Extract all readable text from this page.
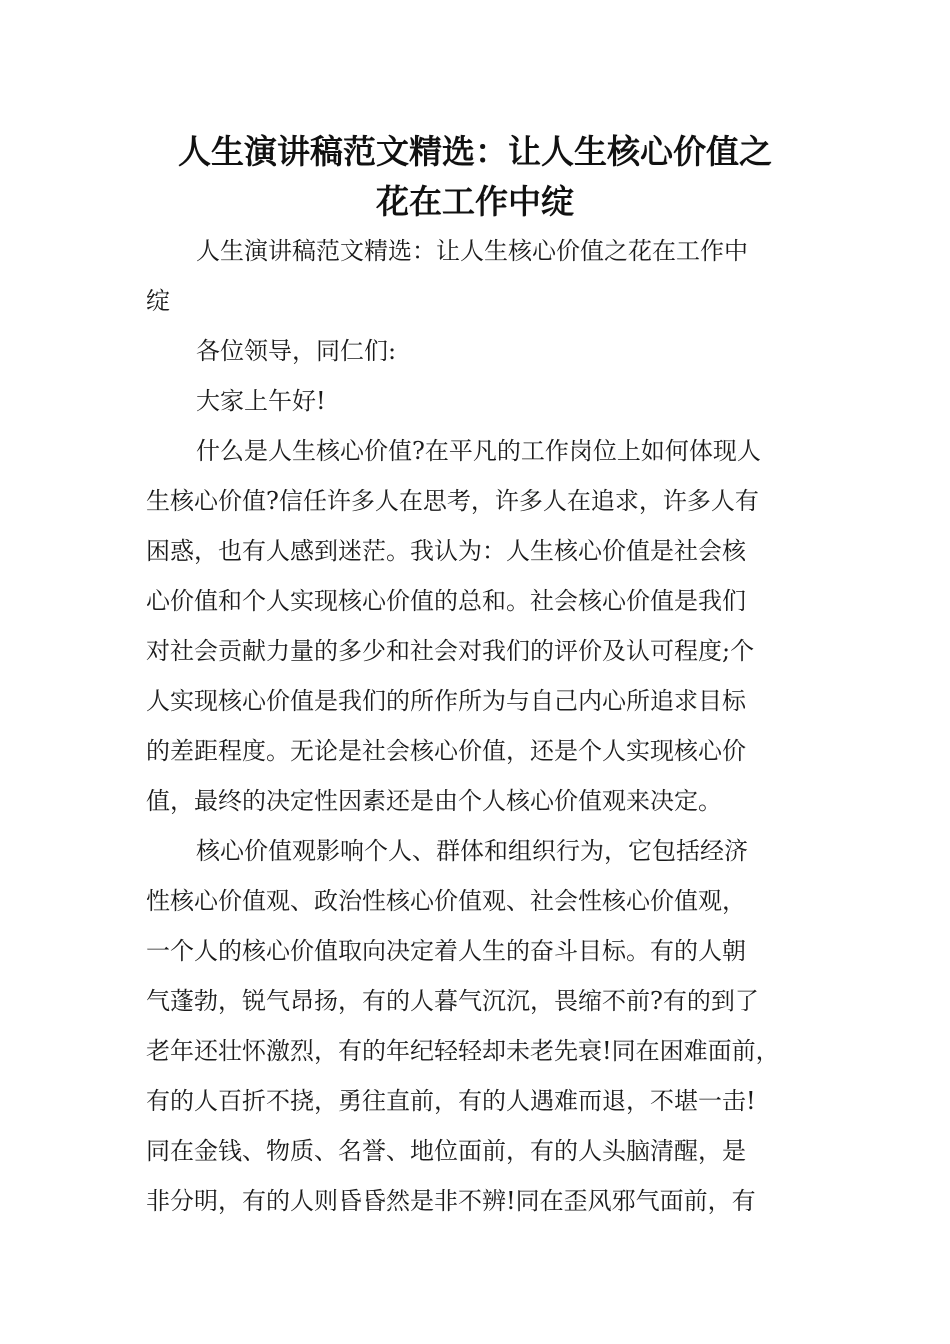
人生演讲稿范文精选：让人生核心价值之
花在工作中绽
人生演讲稿范文精选：让人生核心价值之花在工作中
绽
各位领导，同仁们:
大家上午好!
什么是人生核心价值?在平凡的工作岗位上如何体现人
生核心价值?信任许多人在思考，许多人在追求，许多人有
困惑，也有人感到迷茫。我认为：人生核心价值是社会核
心价值和个人实现核心价值的总和。社会核心价值是我们
对社会贡献力量的多少和社会对我们的评价及认可程度;个
人实现核心价值是我们的所作所为与自己内心所追求目标
的差距程度。无论是社会核心价值，还是个人实现核心价
值，最终的决定性因素还是由个人核心价值观来决定。
核心价值观影响个人、群体和组织行为，它包括经济
性核心价值观、政治性核心价值观、社会性核心价值观，
一个人的核心价值取向决定着人生的奋斗目标。有的人朝
气蓬勃，锐气昂扬，有的人暮气沉沉，畏缩不前?有的到了
老年还壮怀激烈，有的年纪轻轻却未老先衰!同在困难面前，
有的人百折不挠，勇往直前，有的人遇难而退，不堪一击!
同在金钱、物质、名誉、地位面前，有的人头脑清醒，是
非分明，有的人则昏昏然是非不辨!同在歪风邪气面前，有
